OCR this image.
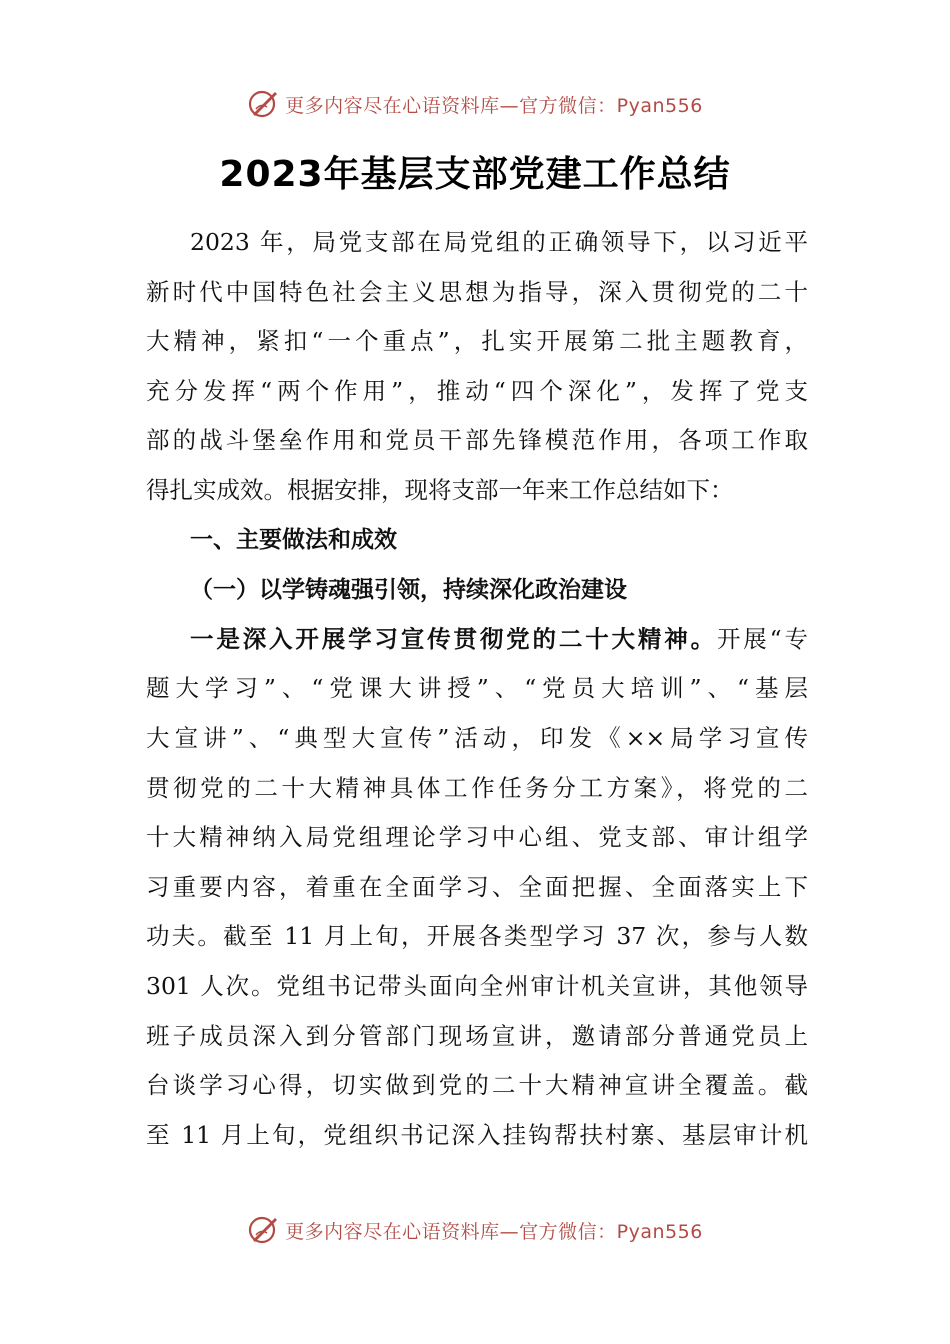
更多内容尽在心语资料库—官方微信：Pyan556
2023年基层支部党建工作总结
2023 年，局党支部在局党组的正确领导下，以习近平
新时代中国特色社会主义思想为指导，深入贯彻党的二十
大精神，紧扣“一个重点”，扎实开展第二批主题教育，
充分发挥“两个作用”，推动“四个深化”，发挥了党支
部的战斗堡垒作用和党员干部先锋模范作用，各项工作取
得扎实成效。根据安排，现将支部一年来工作总结如下：
一、主要做法和成效
（一）以学铸魂强引领，持续深化政治建设
一是深入开展学习宣传贯彻党的二十大精神。开展“专
题大学习”、“党课大讲授”、“党员大培训”、“基层
大宣讲”、“典型大宣传”活动，印发《××局学习宣传
贯彻党的二十大精神具体工作任务分工方案》，将党的二
十大精神纳入局党组理论学习中心组、党支部、审计组学
习重要内容，着重在全面学习、全面把握、全面落实上下
功夫。截至 11 月上旬，开展各类型学习 37 次，参与人数
301 人次。党组书记带头面向全州审计机关宣讲，其他领导
班子成员深入到分管部门现场宣讲，邀请部分普通党员上
台谈学习心得，切实做到党的二十大精神宣讲全覆盖。截
至 11 月上旬，党组织书记深入挂钩帮扶村寨、基层审计机
更多内容尽在心语资料库—官方微信：Pyan556
